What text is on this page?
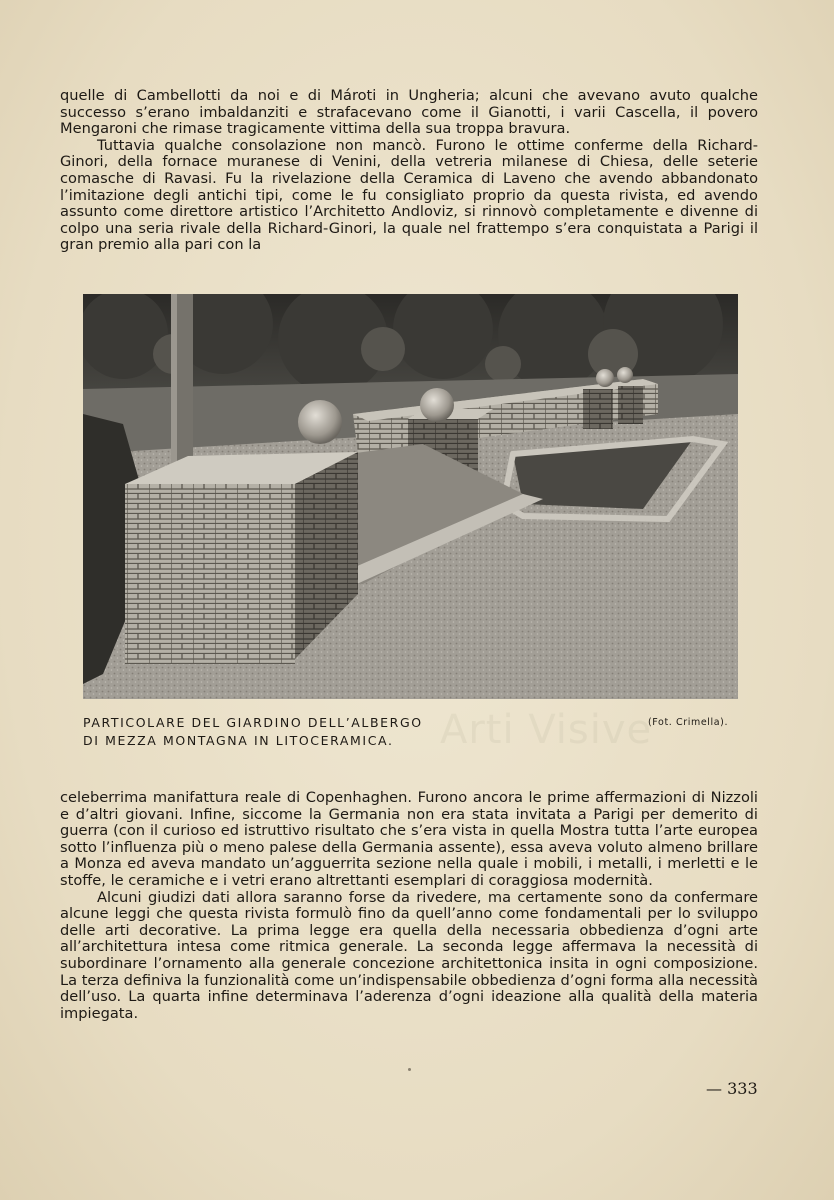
Arti Visive

quelle di Cambellotti da noi e di Mároti in Ungheria; alcuni che avevano avuto qualche successo s’erano imbaldanziti e strafacevano come il Gianotti, i varii Cascella, il povero Mengaroni che rimase tragicamente vittima della sua troppa bravura.

Tuttavia qualche consolazione non mancò. Furono le ottime conferme della Richard-Ginori, della fornace muranese di Venini, della vetreria milanese di Chiesa, delle seterie comasche di Ravasi. Fu la rivelazione della Ceramica di Laveno che avendo abbandonato l’imitazione degli antichi tipi, come le fu consigliato proprio da questa rivista, ed avendo assunto come direttore artistico l’Architetto Andloviz, si rinnovò completamente e divenne di colpo una seria rivale della Richard-Ginori, la quale nel frattempo s’era conquistata a Parigi il gran premio alla pari con la

PARTICOLARE DEL GIARDINO DELL’ALBERGO
DI MEZZA MONTAGNA IN LITOCERAMICA.
(Fot. Crimella).

celeberrima manifattura reale di Copenhaghen. Furono ancora le prime affermazioni di Nizzoli e d’altri giovani. Infine, siccome la Germania non era stata invitata a Parigi per demerito di guerra (con il curioso ed istruttivo risultato che s’era vista in quella Mostra tutta l’arte europea sotto l’influenza più o meno palese della Germania assente), essa aveva voluto almeno brillare a Monza ed aveva mandato un’agguerrita sezione nella quale i mobili, i metalli, i merletti e le stoffe, le ceramiche e i vetri erano altrettanti esemplari di coraggiosa modernità.

Alcuni giudizi dati allora saranno forse da rivedere, ma certamente sono da confermare alcune leggi che questa rivista formulò fino da quell’anno come fondamentali per lo sviluppo delle arti decorative. La prima legge era quella della necessaria obbedienza d’ogni arte all’architettura intesa come ritmica generale. La seconda legge affermava la necessità di subordinare l’ornamento alla generale concezione architettonica insita in ogni composizione. La terza definiva la funzionalità come un’indispensabile obbedienza d’ogni forma alla necessità dell’uso. La quarta infine determinava l’aderenza d’ogni ideazione alla qualità della materia impiegata.

— 333
